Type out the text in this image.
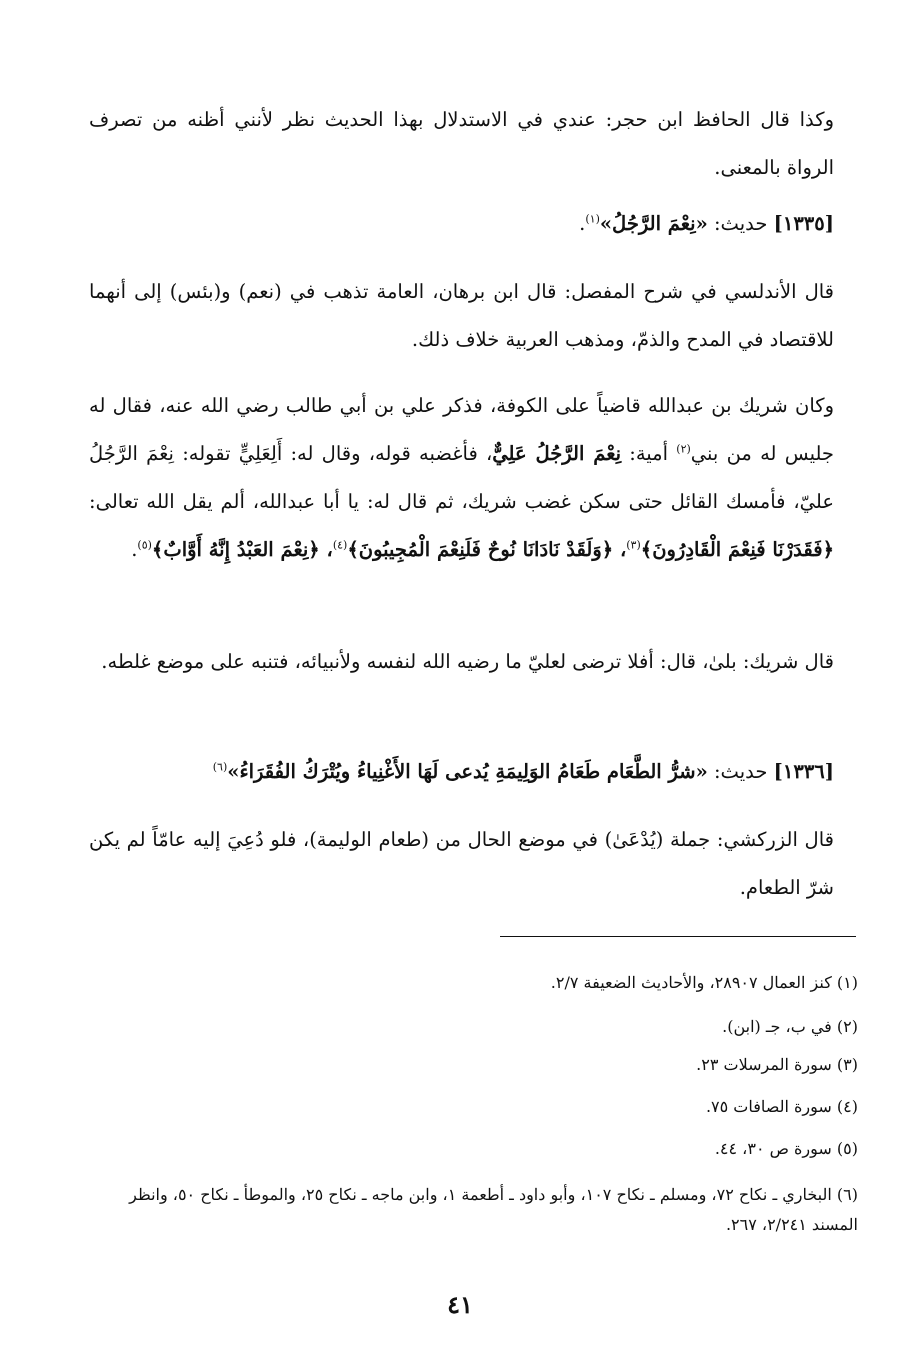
وكذا قال الحافظ ابن حجر: عندي في الاستدلال بهذا الحديث نظر لأنني أظنه من تصرف الرواة بالمعنى.

[١٣٣٥] حديث: «نِعْمَ الرَّجُلُ»$^{(١)}$.

قال الأندلسي في شرح المفصل: قال ابن برهان، العامة تذهب في (نعم) و(بئس) إلى أنهما للاقتصاد في المدح والذمّ، ومذهب العربية خلاف ذلك.

وكان شريك بن عبدالله قاضياً على الكوفة، فذكر علي بن أبي طالب رضي الله عنه، فقال له جليس له من بني$^{(٢)}$ أمية: نِعْمَ الرَّجُلُ عَلِيٌّ، فأغضبه قوله، وقال له: أَلِعَلِيٍّ تقوله: نِعْمَ الرَّجُلُ عليّ، فأمسك القائل حتى سكن غضب شريك، ثم قال له: يا أبا عبدالله، ألم يقل الله تعالى: ﴿فَقَدَرْنَا فَنِعْمَ الْقَادِرُونَ﴾$^{(٣)}$، ﴿وَلَقَدْ نَادَانَا نُوحٌ فَلَنِعْمَ الْمُجِيبُونَ﴾$^{(٤)}$، ﴿نِعْمَ العَبْدُ إِنَّهُ أَوَّابٌ﴾$^{(٥)}$.

قال شريك: بلىٰ، قال: أفلا ترضى لعليّ ما رضيه الله لنفسه ولأنبيائه، فتنبه على موضع غلطه.

[١٣٣٦] حديث: «شرُّ الطَّعَام طَعَامُ الوَلِيمَةِ يُدعى لَهَا الأَغْنِياءُ ويُتْرَكُ الفُقَرَاءُ»$^{(٦)}$

قال الزركشي: جملة (يُدْعَىٰ) في موضع الحال من (طعام الوليمة)، فلو دُعِيَ إليه عامّاً لم يكن شرّ الطعام.

(١) كنز العمال ٢٨٩٠٧، والأحاديث الضعيفة ٢/٧.

(٢) في ب، جـ (ابن).

(٣) سورة المرسلات ٢٣.

(٤) سورة الصافات ٧٥.

(٥) سورة ص ٣٠، ٤٤.

(٦) البخاري ـ نكاح ٧٢، ومسلم ـ نكاح ١٠٧، وأبو داود ـ أطعمة ١، وابن ماجه ـ نكاح ٢٥، والموطأ ـ نكاح ٥٠، وانظر المسند ٢/٢٤١، ٢٦٧.

٤١
